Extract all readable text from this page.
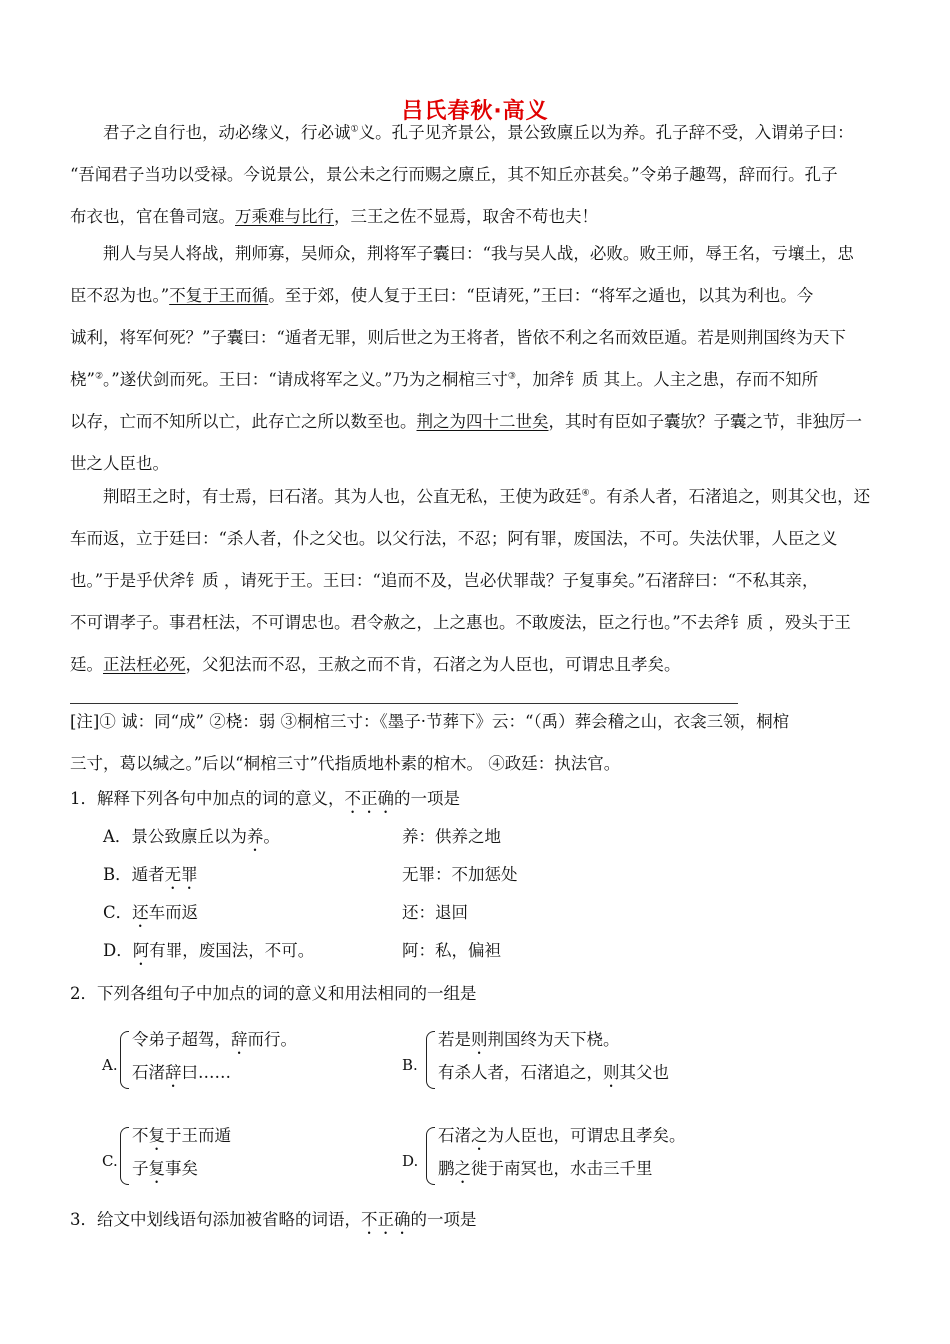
吕氏春秋·高义
君子之自行也，动必缘义，行必诚①义。孔子见齐景公，景公致廪丘以为养。孔子辞不受，入谓弟子曰：
“吾闻君子当功以受禄。今说景公，景公未之行而赐之廪丘，其不知丘亦甚矣。”令弟子趣驾，辞而行。孔子
布衣也，官在鲁司寇。万乘难与比行，三王之佐不显焉，取舍不苟也夫！
荆人与吴人将战，荆师寡，吴师众，荆将军子囊曰：“我与吴人战，必败。败王师，辱王名，亏壤土，忠
臣不忍为也。”不复于王而循。至于郊，使人复于王曰：“臣请死，”王曰：“将军之遁也，以其为利也。今
诚利，将军何死？”子囊曰：“遁者无罪，则后世之为王将者，皆依不利之名而效臣遁。若是则荆国终为天下
桡”②。”遂伏剑而死。王曰：“请成将军之义。”乃为之桐棺三寸③，加斧钅质 其上。人主之患，存而不知所
以存，亡而不知所以亡，此存亡之所以数至也。荆之为四十二世矣，其时有臣如子囊欤？子囊之节，非独厉一
世之人臣也。
荆昭王之时，有士焉，曰石渚。其为人也，公直无私，王使为政廷④。有杀人者，石渚追之，则其父也，还
车而返，立于廷曰：“杀人者，仆之父也。以父行法，不忍；阿有罪，废国法，不可。失法伏罪，人臣之义
也。”于是乎伏斧钅质 ，请死于王。王曰：“追而不及，岂必伏罪哉？子复事矣。”石渚辞曰：“不私其亲，
不可谓孝子。事君枉法，不可谓忠也。君令赦之，上之惠也。不敢废法，臣之行也。”不去斧钅质 ，殁头于王
廷。正法枉必死，父犯法而不忍，王赦之而不肯，石渚之为人臣也，可谓忠且孝矣。
[注]① 诚：同“成” ②桡：弱 ③桐棺三寸：《墨子·节葬下》云：“（禹）葬会稽之山，衣衾三领，桐棺
三寸，葛以缄之。”后以“桐棺三寸”代指质地朴素的棺木。 ④政廷：执法官。
1．解释下列各句中加点的词的意义，不正确的一项是
A．景公致廪丘以为养。	养：供养之地
B．遁者无罪	无罪：不加惩处
C．还车而返	还：退回
D．阿有罪，废国法，不可。	阿：私，偏袒
2．下列各组句子中加点的词的意义和用法相同的一组是
A.
令弟子超驾，辞而行。
石渚辞曰……	B.
若是则荆国终为天下桡。
有杀人者，石渚追之，则其父也
C.
不复于王而遁
子复事矣	D.
石渚之为人臣也，可谓忠且孝矣。
鹏之徙于南冥也，水击三千里
3．给文中划线语句添加被省略的词语，不正确的一项是
